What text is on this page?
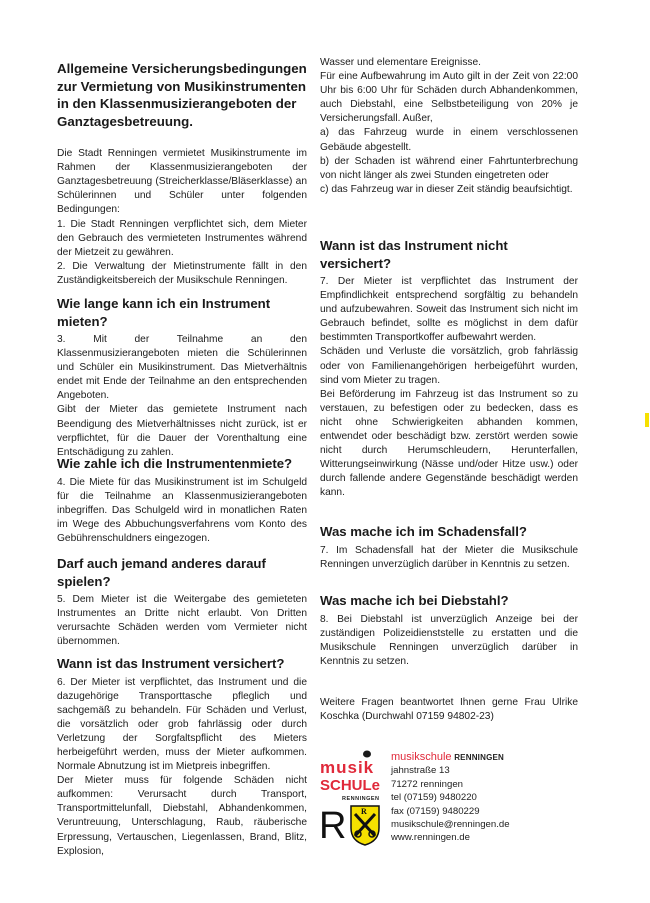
Allgemeine Versicherungsbedingungen zur Vermietung von Musikinstrumenten in den Klassenmusizierangeboten der Ganztagesbetreuung.

Die Stadt Renningen vermietet Musikinstrumente im Rahmen der Klassenmusizierangeboten der Ganztagesbetreuung (Streicherklasse/Bläserklasse) an Schülerinnen und Schüler unter folgenden Bedingungen:

1. Die Stadt Renningen verpflichtet sich, dem Mieter den Gebrauch des vermieteten Instrumentes während der Mietzeit zu gewähren.

2. Die Verwaltung der Mietinstrumente fällt in den Zuständigkeitsbereich der Musikschule Renningen.

Wie lange kann ich ein Instrument mieten?

3. Mit der Teilnahme an den Klassenmusizierangeboten mieten die Schülerinnen und Schüler ein Musikinstrument. Das Mietverhältnis endet mit Ende der Teilnahme an den entsprechenden Angeboten.

Gibt der Mieter das gemietete Instrument nach Beendigung des Mietverhältnisses nicht zurück, ist er verpflichtet, für die Dauer der Vorenthaltung eine Entschädigung zu zahlen.

Wie zahle ich die Instrumentenmiete?

4. Die Miete für das Musikinstrument ist im Schulgeld für die Teilnahme an Klassenmusizierangeboten inbegriffen. Das Schulgeld wird in monatlichen Raten im Wege des Abbuchungsverfahrens vom Konto des Gebührenschuldners eingezogen.

Darf auch jemand anderes darauf spielen?

5. Dem Mieter ist die Weitergabe des gemieteten Instrumentes an Dritte nicht erlaubt. Von Dritten verursachte Schäden werden vom Vermieter nicht übernommen.

Wann ist das Instrument versichert?

6. Der Mieter ist verpflichtet, das Instrument und die dazugehörige Transporttasche pfleglich und sachgemäß zu behandeln. Für Schäden und Verlust, die vorsätzlich oder grob fahrlässig oder durch Verletzung der Sorgfaltspflicht des Mieters herbeigeführt werden, muss der Mieter aufkommen. Normale Abnutzung ist im Mietpreis inbegriffen.

Der Mieter muss für folgende Schäden nicht aufkommen: Verursacht durch Transport, Transportmittelunfall, Diebstahl, Abhandenkommen, Veruntreuung, Unterschlagung, Raub, räuberische Erpressung, Vertauschen, Liegenlassen, Brand, Blitz, Explosion,

Wasser und elementare Ereignisse.

Für eine Aufbewahrung im Auto gilt in der Zeit von 22:00 Uhr bis 6:00 Uhr für Schäden durch Abhandenkommen, auch Diebstahl, eine Selbstbeteiligung von 20% je Versicherungsfall. Außer,

a) das Fahrzeug wurde in einem verschlossenen Gebäude abgestellt.

b) der Schaden ist während einer Fahrtunterbrechung von nicht länger als zwei Stunden eingetreten oder

c) das Fahrzeug war in dieser Zeit ständig beaufsichtigt.

Wann ist das Instrument nicht versichert?

7. Der Mieter ist verpflichtet das Instrument der Empfindlichkeit entsprechend sorgfältig zu behandeln und aufzubewahren. Soweit das Instrument sich nicht im Gebrauch befindet, sollte es möglichst in dem dafür bestimmten Transportkoffer aufbewahrt werden.

Schäden und Verluste die vorsätzlich, grob fahrlässig oder von Familienangehörigen herbeigeführt wurden, sind vom Mieter zu tragen.

Bei Beförderung im Fahrzeug ist das Instrument so zu verstauen, zu befestigen oder zu bedecken, dass es nicht ohne Schwierigkeiten abhanden kommen, entwendet oder beschädigt bzw. zerstört werden sowie nicht durch Herumschleudern, Herunterfallen, Witterungseinwirkung (Nässe und/oder Hitze usw.) oder durch fallende andere Gegenstände beschädigt werden kann.

Was mache ich im Schadensfall?

7. Im Schadensfall hat der Mieter die Musikschule Renningen unverzüglich darüber in Kenntnis zu setzen.

Was mache ich bei Diebstahl?

8. Bei Diebstahl ist unverzüglich Anzeige bei der zuständigen Polizeidienststelle zu erstatten und die Musikschule Renningen unverzüglich darüber in Kenntnis zu setzen.

Weitere Fragen beantwortet Ihnen gerne Frau Ulrike Koschka (Durchwahl 07159 94802-23)

musik
SCHULe
RENNINGEN
R R
musikschule RENNINGEN
jahnstraße 13
71272 renningen
tel (07159) 9480220
fax (07159) 9480229
musikschule@renningen.de
www.renningen.de
